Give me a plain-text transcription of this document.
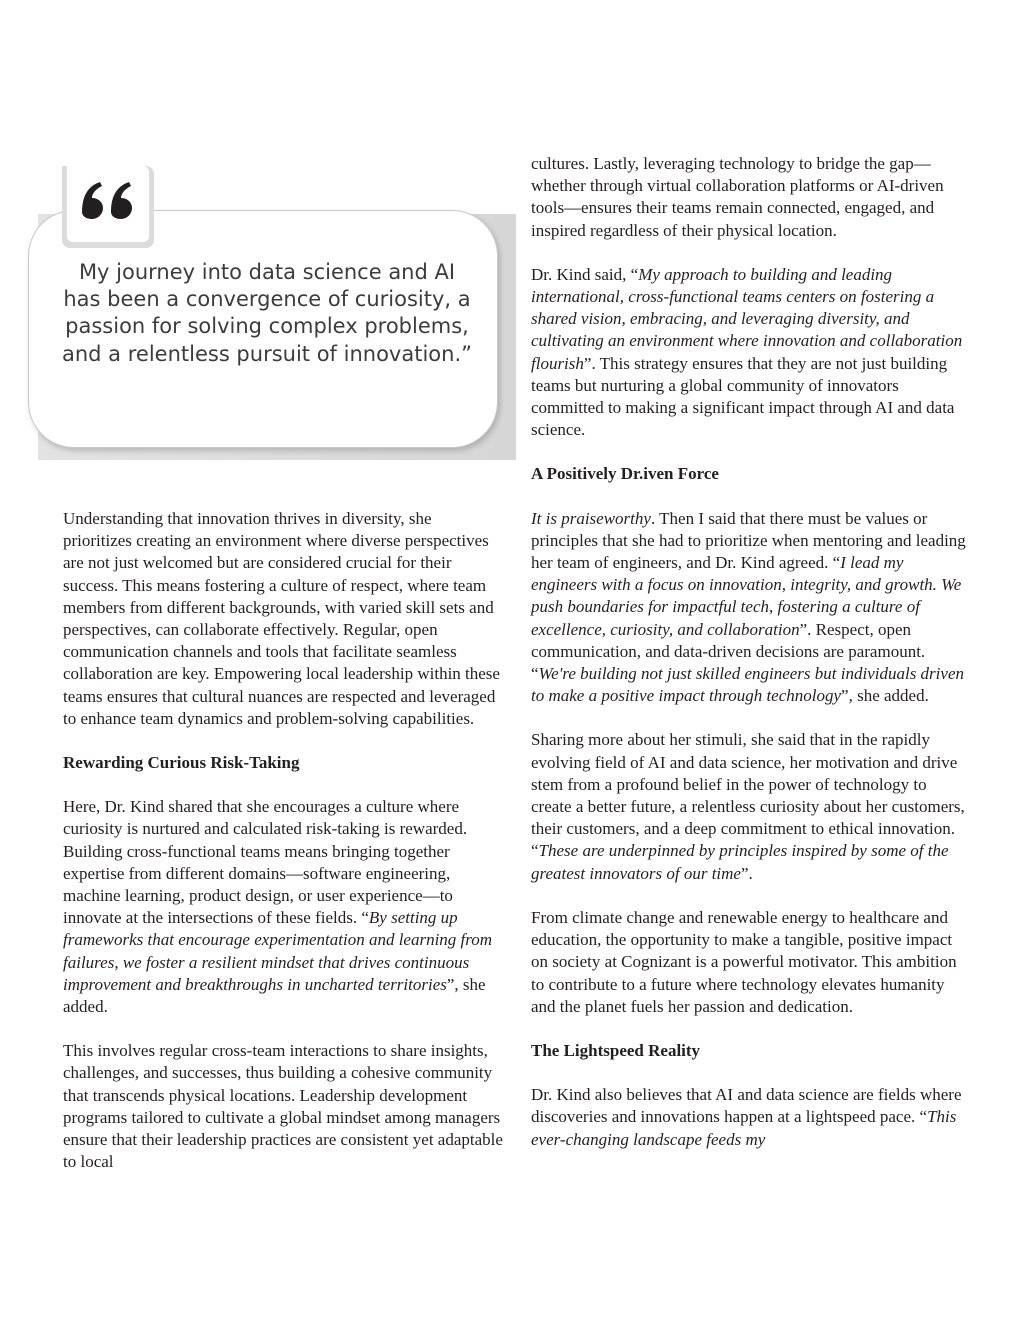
My journey into data science and AI has been a convergence of curiosity, a passion for solving complex problems, and a relentless pursuit of innovation.”

Understanding that innovation thrives in diversity, she prioritizes creating an environment where diverse perspectives are not just welcomed but are considered crucial for their success. This means fostering a culture of respect, where team members from different backgrounds, with varied skill sets and perspectives, can collaborate effectively. Regular, open communication channels and tools that facilitate seamless collaboration are key. Empowering local leadership within these teams ensures that cultural nuances are respected and leveraged to enhance team dynamics and problem-solving capabilities.

Rewarding Curious Risk-Taking

Here, Dr. Kind shared that she encourages a culture where curiosity is nurtured and calculated risk-taking is rewarded. Building cross-functional teams means bringing together expertise from different domains—software engineering, machine learning, product design, or user experience—to innovate at the intersections of these fields. “By setting up frameworks that encourage experimentation and learning from failures, we foster a resilient mindset that drives continuous improvement and breakthroughs in uncharted territories”, she added.

This involves regular cross-team interactions to share insights, challenges, and successes, thus building a cohesive community that transcends physical locations. Leadership development programs tailored to cultivate a global mindset among managers ensure that their leadership practices are consistent yet adaptable to local

cultures. Lastly, leveraging technology to bridge the gap—whether through virtual collaboration platforms or AI-driven tools—ensures their teams remain connected, engaged, and inspired regardless of their physical location.

Dr. Kind said, “My approach to building and leading international, cross-functional teams centers on fostering a shared vision, embracing, and leveraging diversity, and cultivating an environment where innovation and collaboration flourish”. This strategy ensures that they are not just building teams but nurturing a global community of innovators committed to making a significant impact through AI and data science.

A Positively Dr.iven Force

It is praiseworthy. Then I said that there must be values or principles that she had to prioritize when mentoring and leading her team of engineers, and Dr. Kind agreed. “I lead my engineers with a focus on innovation, integrity, and growth. We push boundaries for impactful tech, fostering a culture of excellence, curiosity, and collaboration”. Respect, open communication, and data-driven decisions are paramount. “We're building not just skilled engineers but individuals driven to make a positive impact through technology”, she added.

Sharing more about her stimuli, she said that in the rapidly evolving field of AI and data science, her motivation and drive stem from a profound belief in the power of technology to create a better future, a relentless curiosity about her customers, their customers, and a deep commitment to ethical innovation. “These are underpinned by principles inspired by some of the greatest innovators of our time”.

From climate change and renewable energy to healthcare and education, the opportunity to make a tangible, positive impact on society at Cognizant is a powerful motivator. This ambition to contribute to a future where technology elevates humanity and the planet fuels her passion and dedication.

The Lightspeed Reality

Dr. Kind also believes that AI and data science are fields where discoveries and innovations happen at a lightspeed pace. “This ever-changing landscape feeds my
